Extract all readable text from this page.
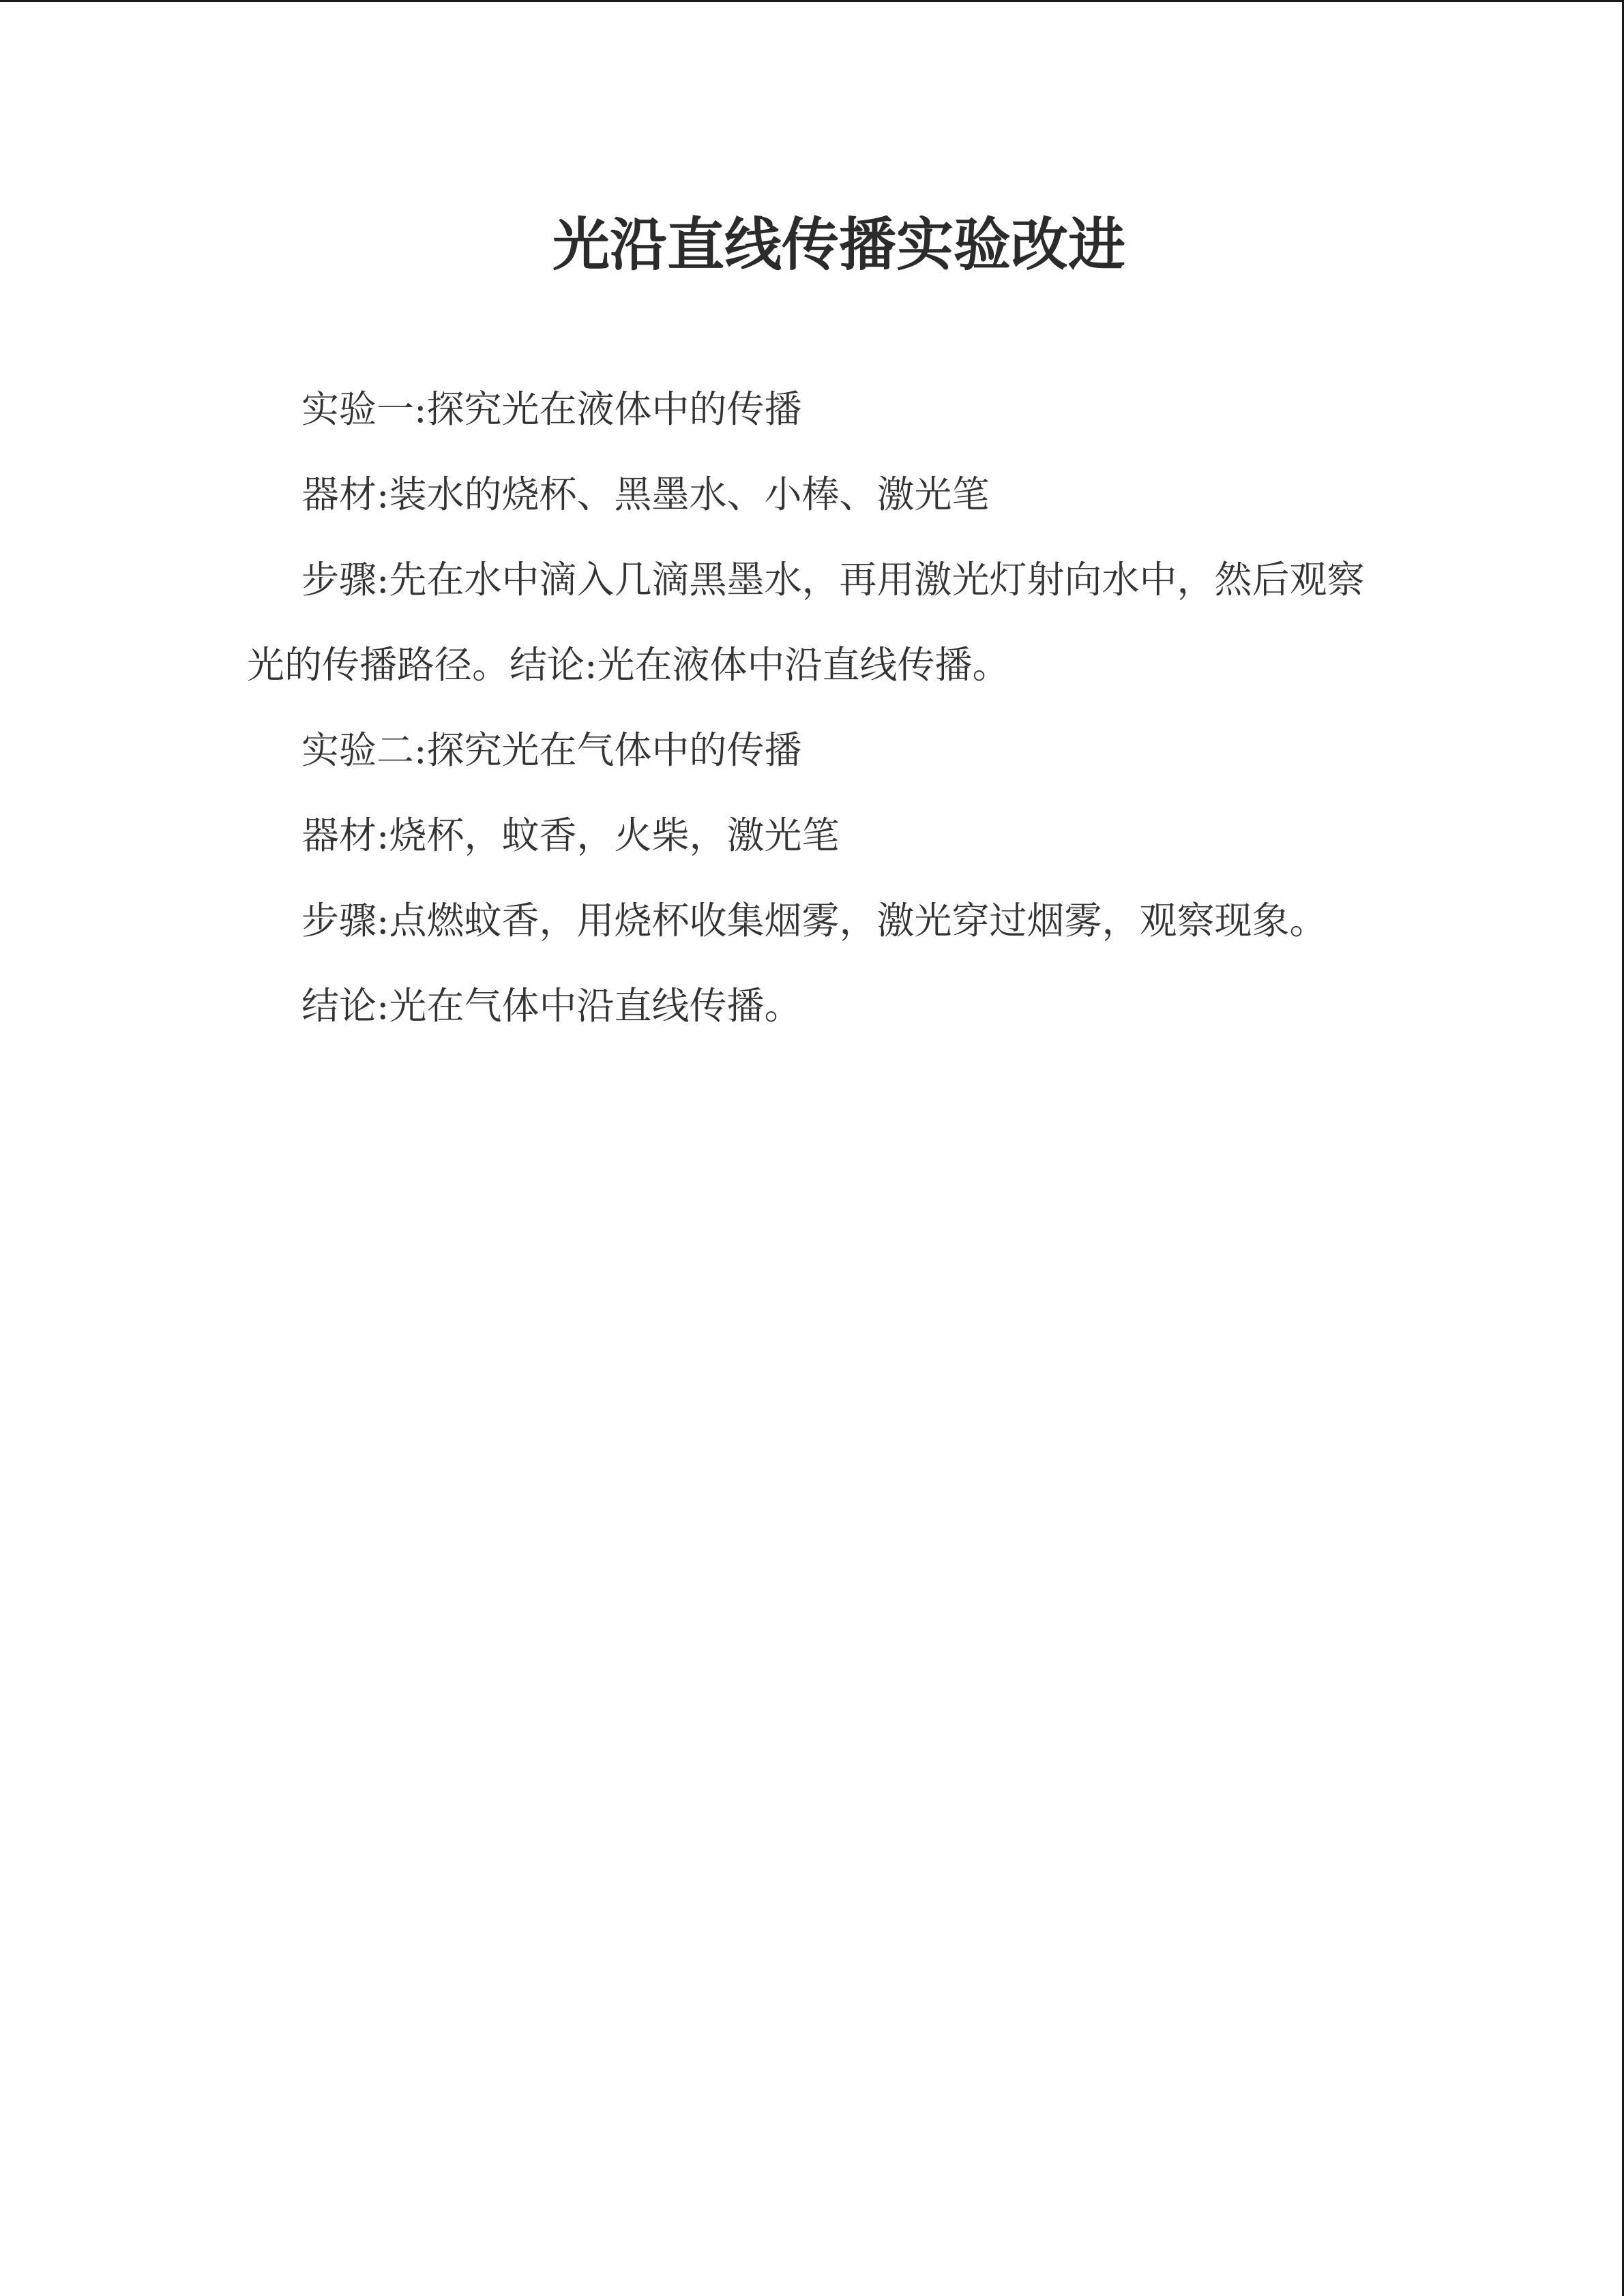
光沿直线传播实验改进

实验一:探究光在液体中的传播

器材:装水的烧杯、黑墨水、小棒、激光笔

步骤:先在水中滴入几滴黑墨水，再用激光灯射向水中，然后观察光的传播路径。结论:光在液体中沿直线传播。

实验二:探究光在气体中的传播

器材:烧杯，蚊香，火柴，激光笔

步骤:点燃蚊香，用烧杯收集烟雾，激光穿过烟雾，观察现象。

结论:光在气体中沿直线传播。
